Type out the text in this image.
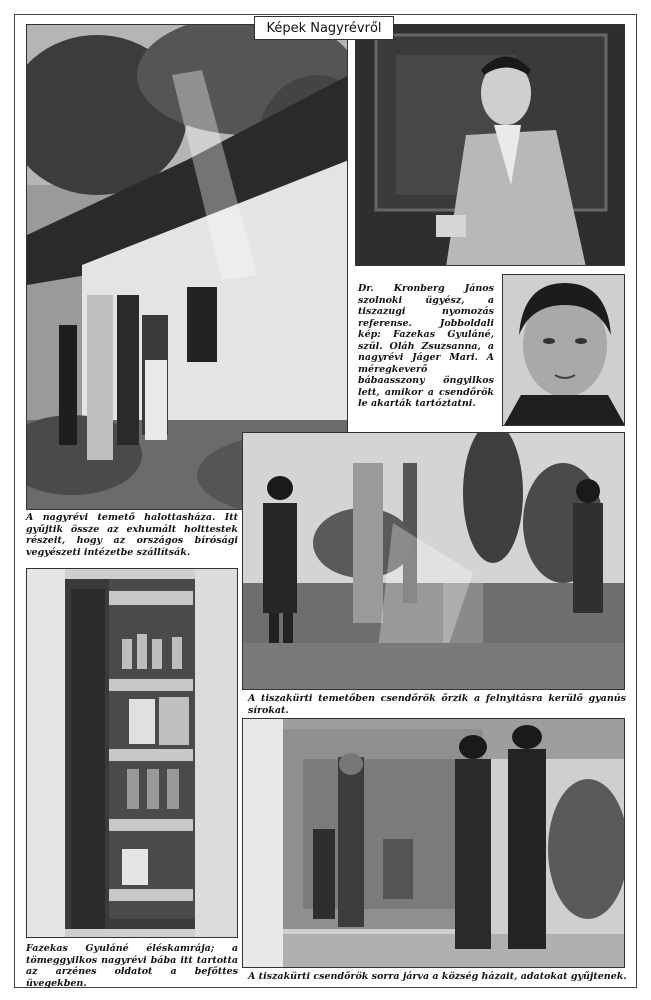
Képek Nagyrévről
A nagyrévi temető halottasháza. Itt gyűjtik össze az exhumált holttestek részeit, hogy az országos bírósági vegyészeti intézetbe szállítsák.
Dr. Kronberg János szolnoki ügyész, a tiszazugi nyomozás referense. Jobboldali kép: Fazekas Gyuláné, szül. Oláh Zsuzsanna, a nagyrévi Jáger Mari. A méregkeverő bábaasszony öngyilkos lett, amikor a csendőrök le akarták tartóztatni.
A tiszakürti temetőben csendőrök őrzik a felnyitásra kerülő gyanús sírokat.
Fazekas Gyuláné éléskamrája; a tömeggyilkos nagyrévi bába itt tartotta az arzénes oldatot a befőttes üvegekben.
A tiszakürti csendőrök sorra járva a község házait, adatokat gyűjtenek.
